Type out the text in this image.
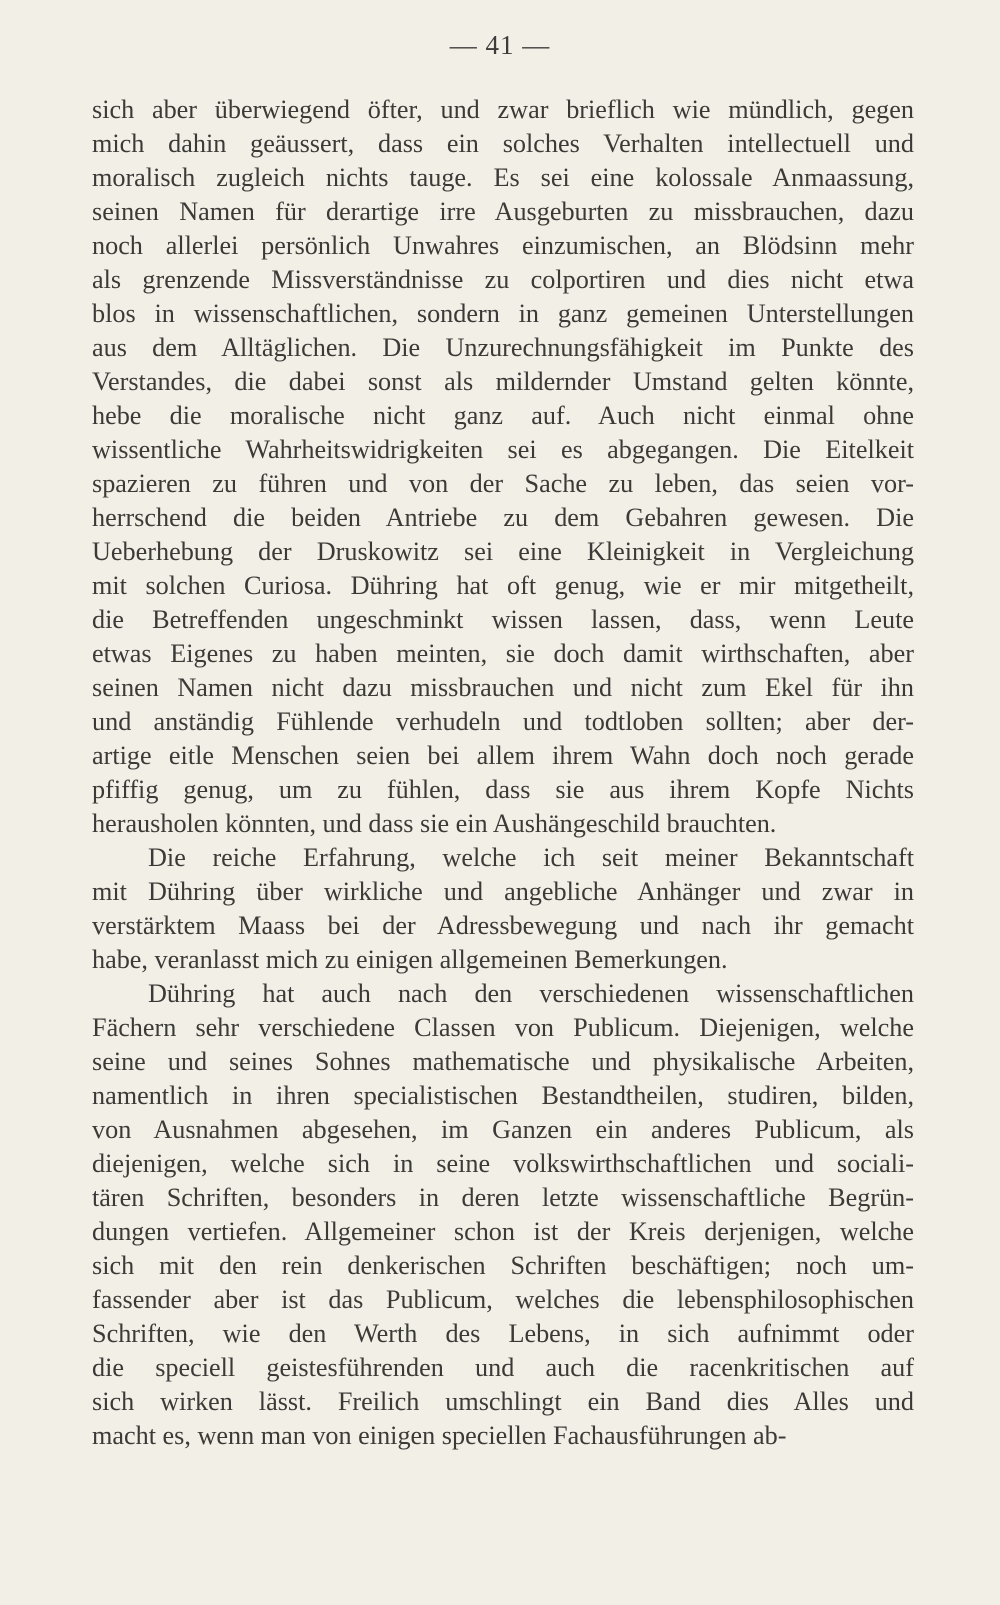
— 41 —
sich aber überwiegend öfter, und zwar brieflich wie mündlich, gegen
mich dahin geäussert, dass ein solches Verhalten intellectuell und
moralisch zugleich nichts tauge. Es sei eine kolossale Anmaassung,
seinen Namen für derartige irre Ausgeburten zu missbrauchen, dazu
noch allerlei persönlich Unwahres einzumischen, an Blödsinn mehr
als grenzende Missverständnisse zu colportiren und dies nicht etwa
blos in wissenschaftlichen, sondern in ganz gemeinen Unterstellungen
aus dem Alltäglichen. Die Unzurechnungsfähigkeit im Punkte des
Verstandes, die dabei sonst als mildernder Umstand gelten könnte,
hebe die moralische nicht ganz auf. Auch nicht einmal ohne
wissentliche Wahrheitswidrigkeiten sei es abgegangen. Die Eitelkeit
spazieren zu führen und von der Sache zu leben, das seien vor-
herrschend die beiden Antriebe zu dem Gebahren gewesen. Die
Ueberhebung der Druskowitz sei eine Kleinigkeit in Vergleichung
mit solchen Curiosa. Dühring hat oft genug, wie er mir mitgetheilt,
die Betreffenden ungeschminkt wissen lassen, dass, wenn Leute
etwas Eigenes zu haben meinten, sie doch damit wirthschaften, aber
seinen Namen nicht dazu missbrauchen und nicht zum Ekel für ihn
und anständig Fühlende verhudeln und todtloben sollten; aber der-
artige eitle Menschen seien bei allem ihrem Wahn doch noch gerade
pfiffig genug, um zu fühlen, dass sie aus ihrem Kopfe Nichts
herausholen könnten, und dass sie ein Aushängeschild brauchten.
Die reiche Erfahrung, welche ich seit meiner Bekanntschaft
mit Dühring über wirkliche und angebliche Anhänger und zwar in
verstärktem Maass bei der Adressbewegung und nach ihr gemacht
habe, veranlasst mich zu einigen allgemeinen Bemerkungen.
Dühring hat auch nach den verschiedenen wissenschaftlichen
Fächern sehr verschiedene Classen von Publicum. Diejenigen, welche
seine und seines Sohnes mathematische und physikalische Arbeiten,
namentlich in ihren specialistischen Bestandtheilen, studiren, bilden,
von Ausnahmen abgesehen, im Ganzen ein anderes Publicum, als
diejenigen, welche sich in seine volkswirthschaftlichen und sociali-
tären Schriften, besonders in deren letzte wissenschaftliche Begrün-
dungen vertiefen. Allgemeiner schon ist der Kreis derjenigen, welche
sich mit den rein denkerischen Schriften beschäftigen; noch um-
fassender aber ist das Publicum, welches die lebensphilosophischen
Schriften, wie den Werth des Lebens, in sich aufnimmt oder
die speciell geistesführenden und auch die racenkritischen auf
sich wirken lässt. Freilich umschlingt ein Band dies Alles und
macht es, wenn man von einigen speciellen Fachausführungen ab-
